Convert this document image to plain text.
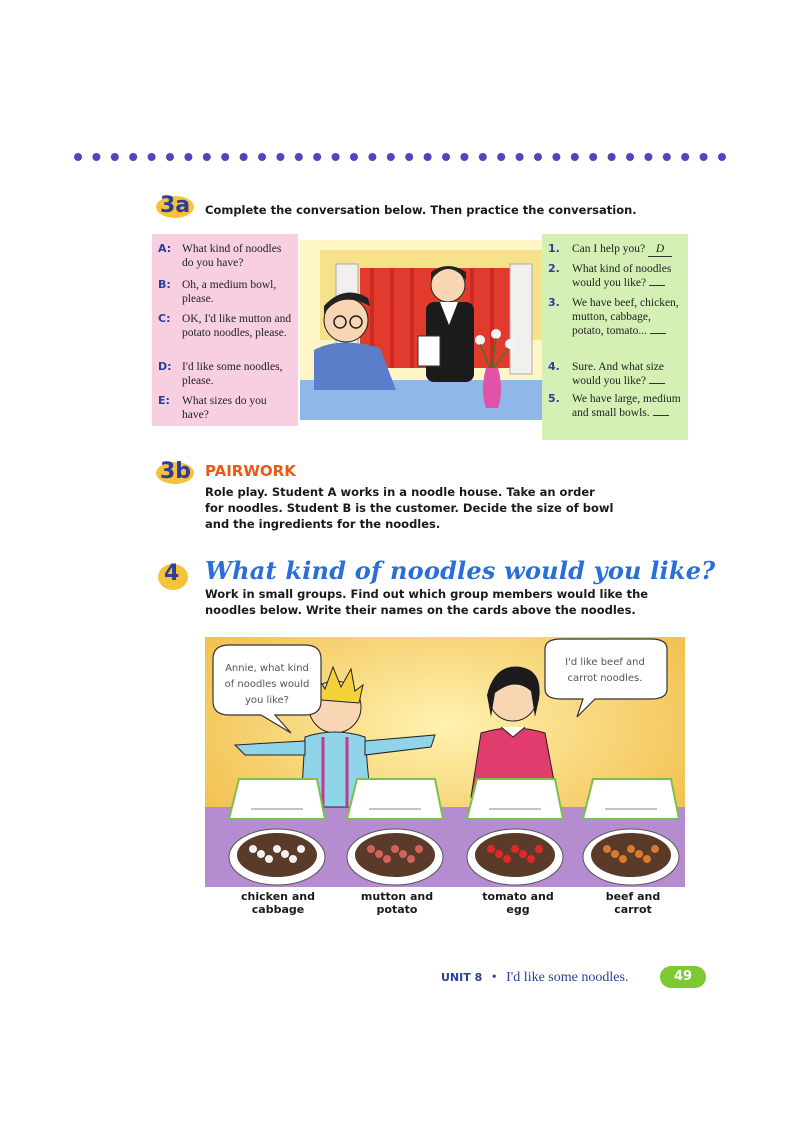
3a Complete the conversation below. Then practice the conversation.
A: What kind of noodles do you have?
B: Oh, a medium bowl, please.
C: OK, I'd like mutton and potato noodles, please.
D: I'd like some noodles, please.
E: What sizes do you have?
1. Can I help you? D
2. What kind of noodles would you like?
3. We have beef, chicken, mutton, cabbage, potato, tomato...
4. Sure. And what size would you like?
5. We have large, medium and small bowls.
3b PAIRWORK
Role play. Student A works in a noodle house. Take an order
for noodles. Student B is the customer. Decide the size of bowl
and the ingredients for the noodles.
4 What kind of noodles would you like?
Work in small groups. Find out which group members would like the
noodles below. Write their names on the cards above the noodles.
Annie, what kind
of noodles would
you like?
I'd like beef and
carrot noodles.
chicken and
cabbage
mutton and
potato
tomato and
egg
beef and
carrot
UNIT 8 • I'd like some noodles.	49
